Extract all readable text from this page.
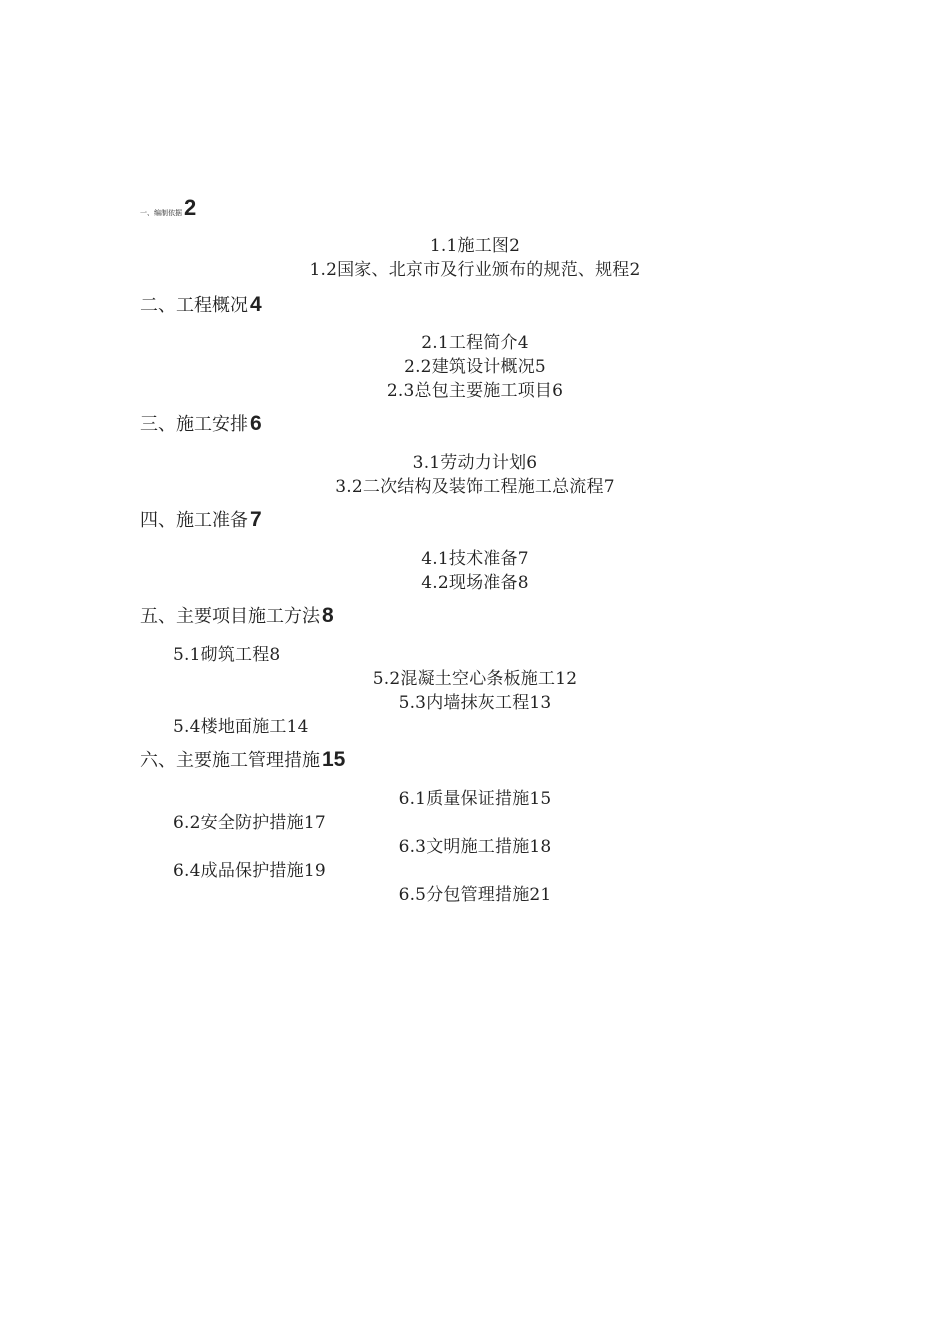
一、编制依据2
1.1施工图2
1.2国家、北京市及行业颁布的规范、规程2
二、工程概况4
2.1工程简介4
2.2建筑设计概况5
2.3总包主要施工项目6
三、施工安排6
3.1劳动力计划6
3.2二次结构及装饰工程施工总流程7
四、施工准备7
4.1技术准备7
4.2现场准备8
五、主要项目施工方法8
5.1砌筑工程8
5.2混凝土空心条板施工12
5.3内墙抹灰工程13
5.4楼地面施工14
六、主要施工管理措施15
6.1质量保证措施15
6.2安全防护措施17
6.3文明施工措施18
6.4成品保护措施19
6.5分包管理措施21
